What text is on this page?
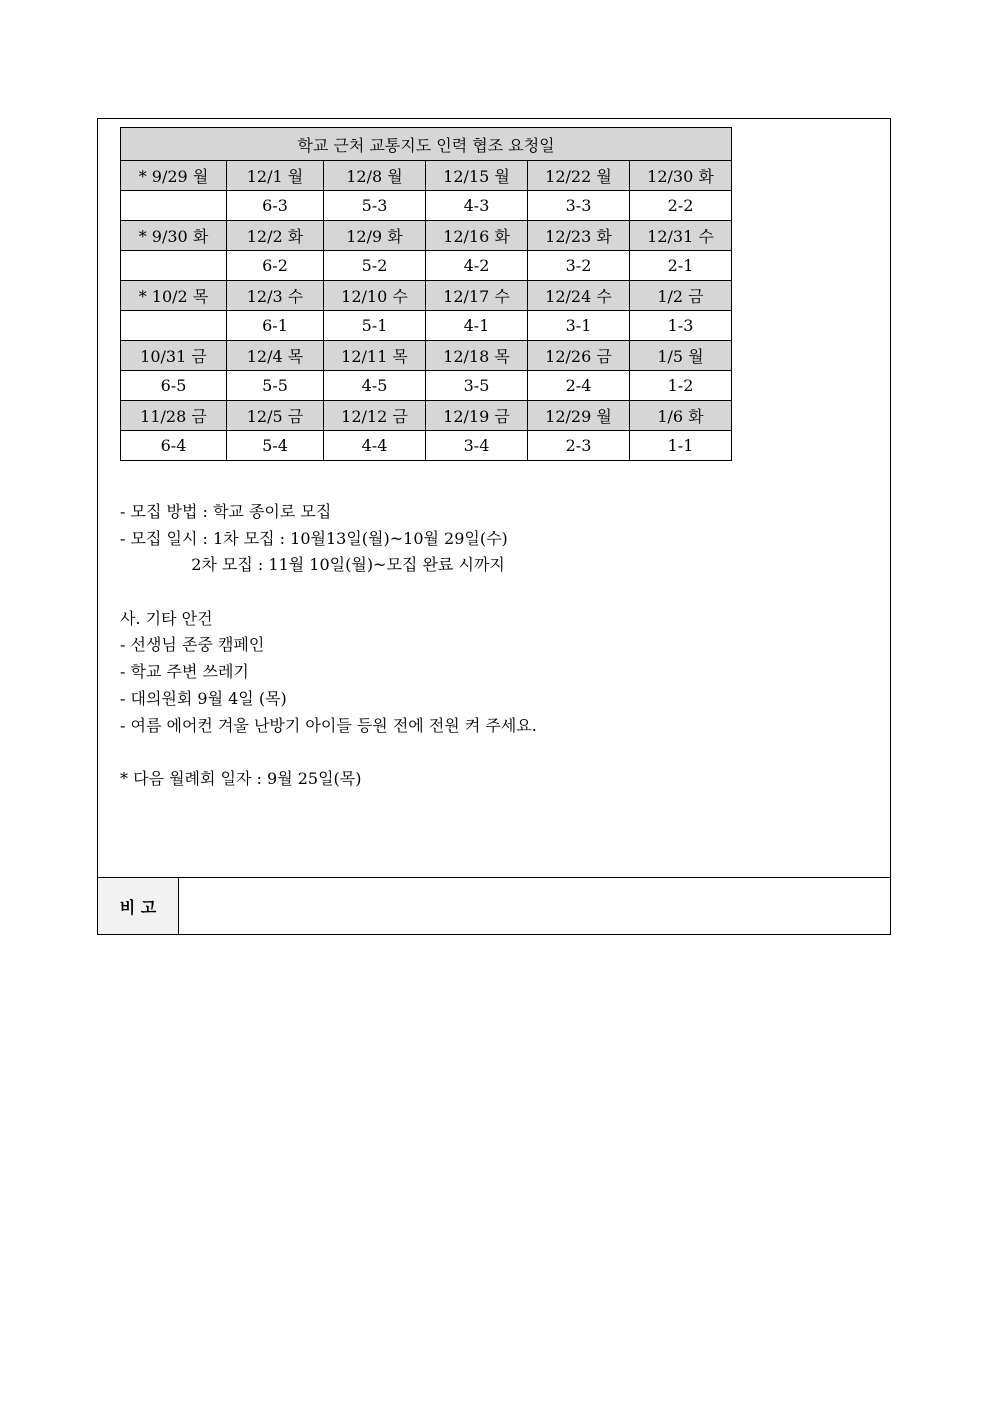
학교 근처 교통지도 인력 협조 요청일					
* 9/29 월	12/1 월	12/8 월	12/15 월	12/22 월	12/30 화
	6-3	5-3	4-3	3-3	2-2
* 9/30 화	12/2 화	12/9 화	12/16 화	12/23 화	12/31 수
	6-2	5-2	4-2	3-2	2-1
* 10/2 목	12/3 수	12/10 수	12/17 수	12/24 수	1/2 금
	6-1	5-1	4-1	3-1	1-3
10/31 금	12/4 목	12/11 목	12/18 목	12/26 금	1/5 월
6-5	5-5	4-5	3-5	2-4	1-2
11/28 금	12/5 금	12/12 금	12/19 금	12/29 월	1/6 화
6-4	5-4	4-4	3-4	2-3	1-1
- 모집 방법 : 학교 종이로 모집
- 모집 일시 : 1차 모집 : 10월13일(월)~10월 29일(수)
2차 모집 : 11월 10일(월)~모집 완료 시까지
사. 기타 안건
- 선생님 존중 캠페인
- 학교 주변 쓰레기
- 대의원회 9월 4일 (목)
- 여름 에어컨 겨울 난방기 아이들 등원 전에 전원 켜 주세요.
* 다음 월례회 일자 : 9월 25일(목)
비 고
